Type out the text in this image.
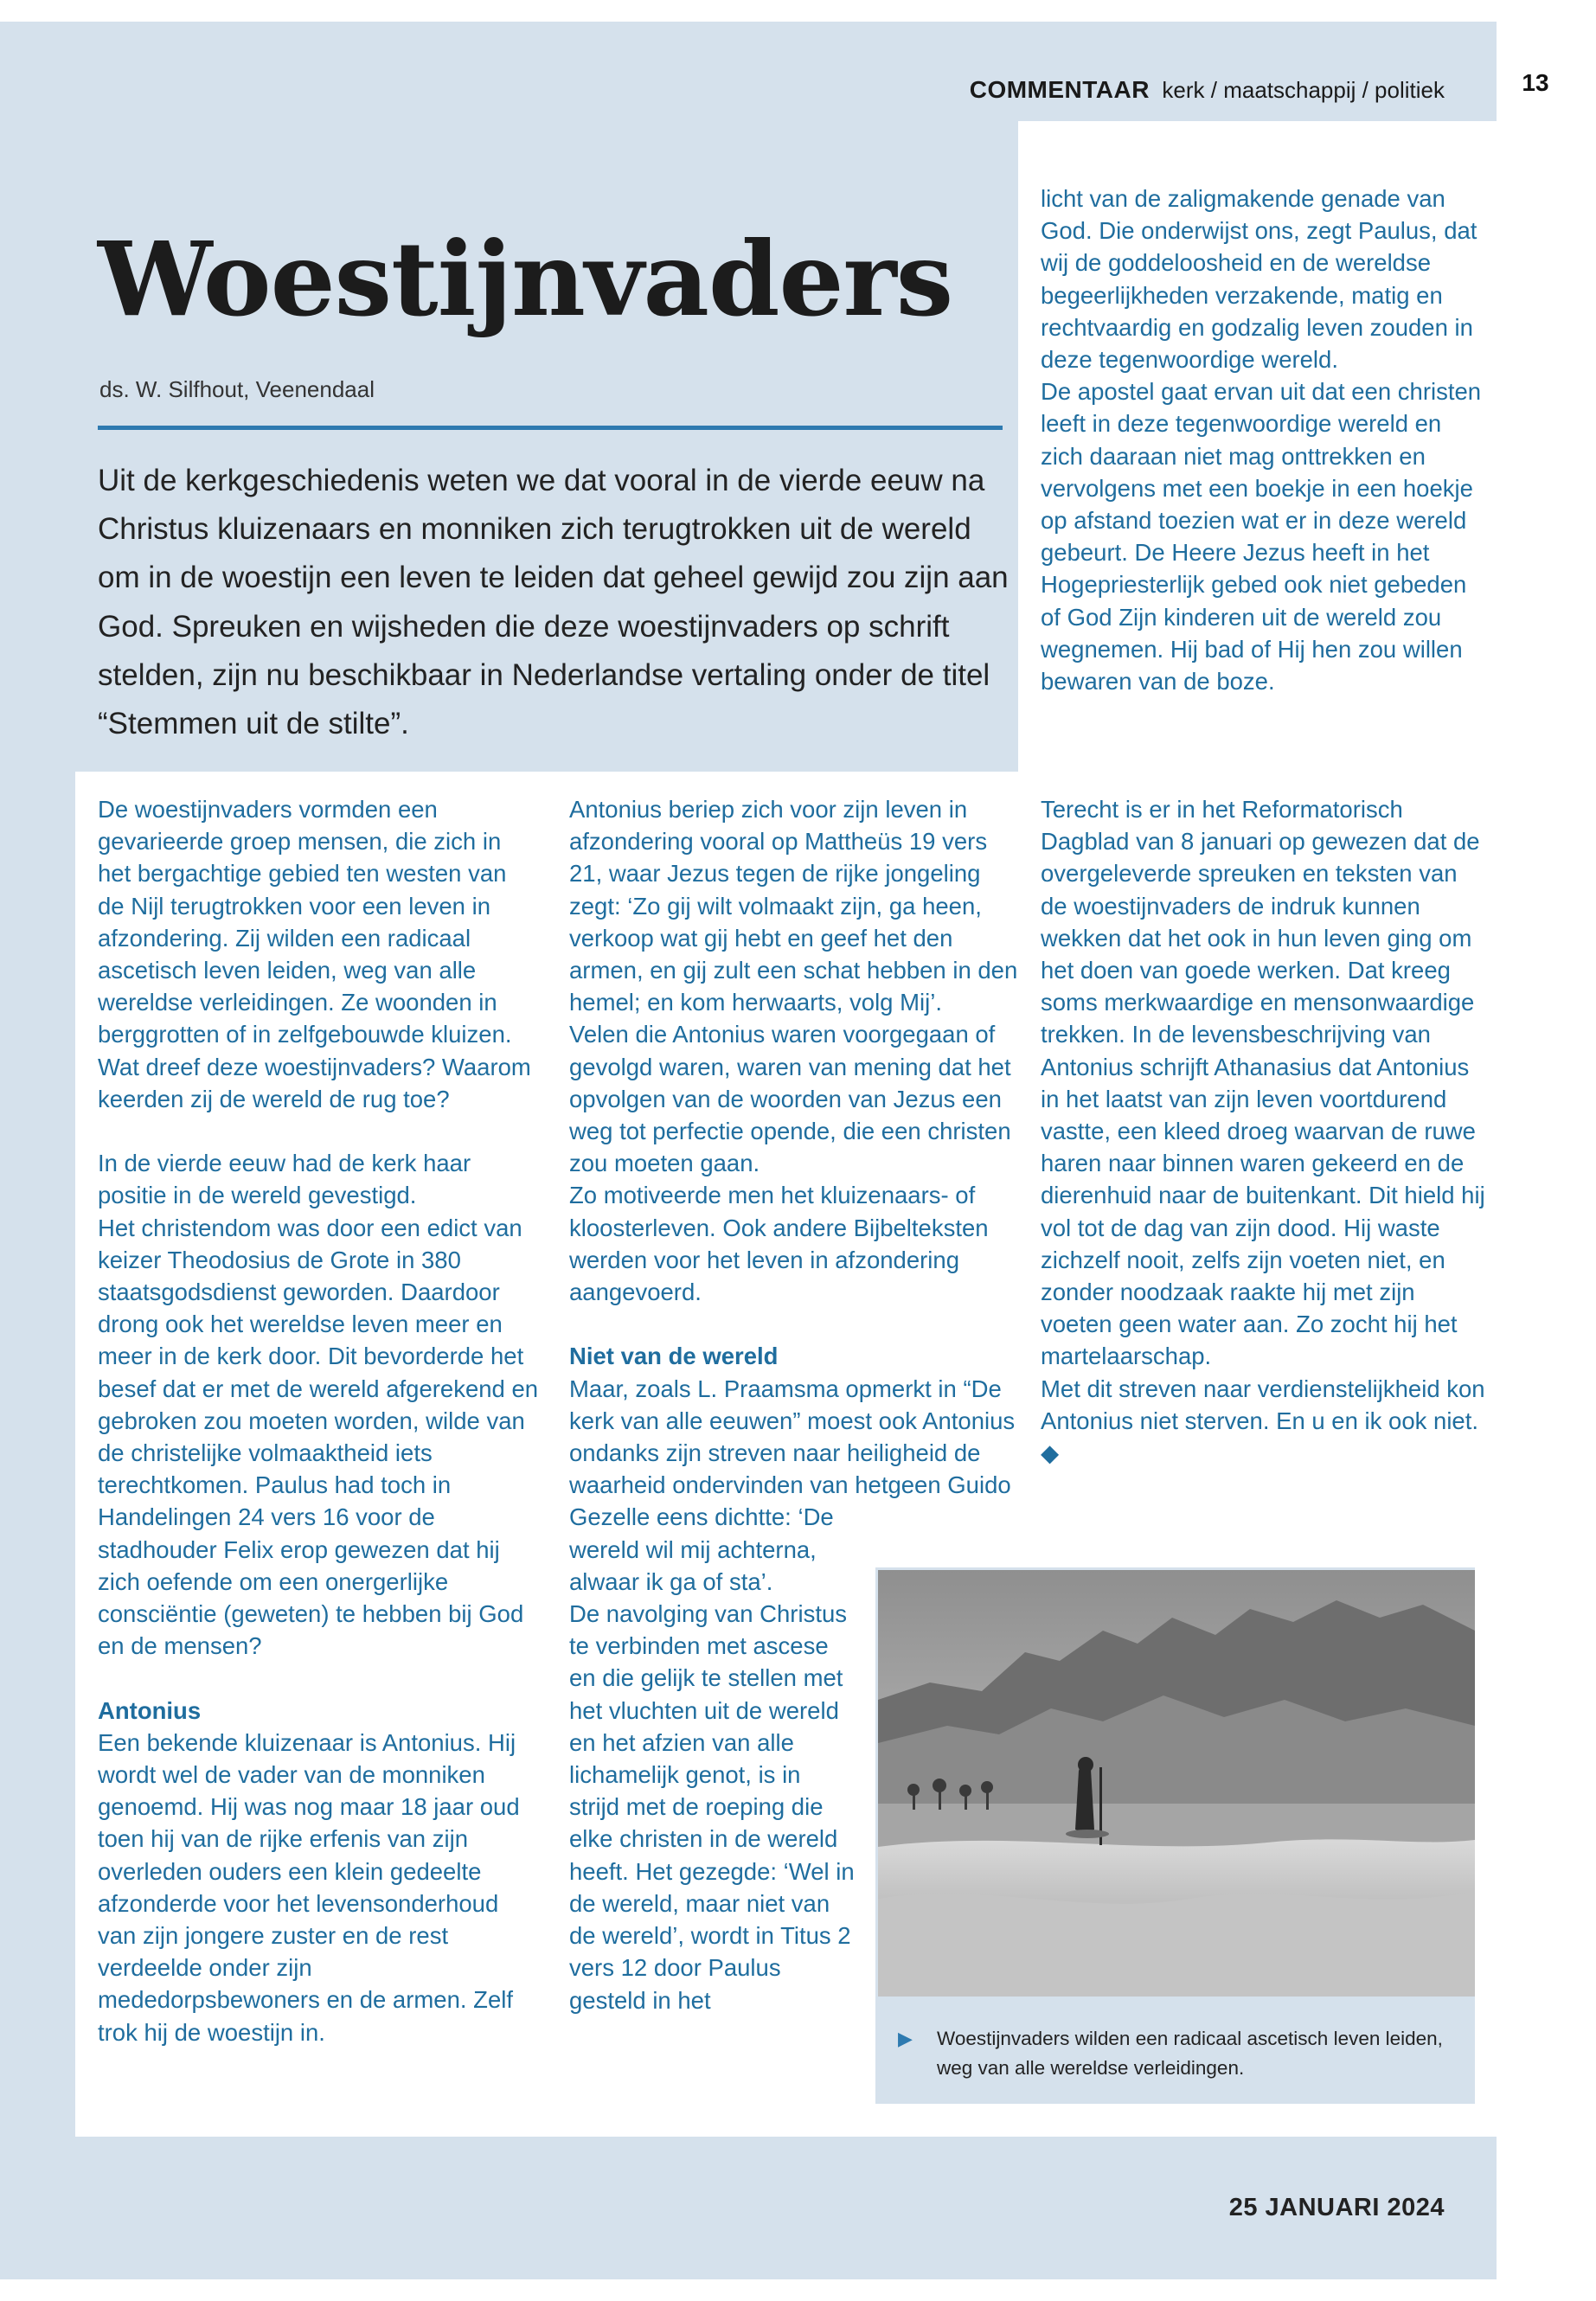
13
COMMENTAAR kerk / maatschappij / politiek
Woestijnvaders
ds. W. Silfhout, Veenendaal

Uit de kerkgeschiedenis weten we dat vooral in de vierde eeuw na Christus kluizenaars en monniken zich terugtrokken uit de wereld om in de woestijn een leven te leiden dat geheel gewijd zou zijn aan God. Spreuken en wijsheden die deze woestijnvaders op schrift stelden, zijn nu beschikbaar in Nederlandse vertaling onder de titel “Stemmen uit de stilte”.

licht van de zaligmakende genade van God. Die onderwijst ons, zegt Paulus, dat wij de goddeloosheid en de wereldse begeerlijkheden verzakende, matig en rechtvaardig en godzalig leven zouden in deze tegenwoordige wereld.

De apostel gaat ervan uit dat een christen leeft in deze tegenwoordige wereld en zich daaraan niet mag onttrekken en vervolgens met een boekje in een hoekje op afstand toezien wat er in deze wereld gebeurt. De Heere Jezus heeft in het Hogepriesterlijk gebed ook niet gebeden of God Zijn kinderen uit de wereld zou wegnemen. Hij bad of Hij hen zou willen bewaren van de boze.

De woestijnvaders vormden een gevarieerde groep mensen, die zich in het bergachtige gebied ten westen van de Nijl terugtrokken voor een leven in afzondering. Zij wilden een radicaal ascetisch leven leiden, weg van alle wereldse verleidingen. Ze woonden in berggrotten of in zelfgebouwde kluizen. Wat dreef deze woestijnvaders? Waarom keerden zij de wereld de rug toe?

In de vierde eeuw had de kerk haar positie in de wereld gevestigd.

Het christendom was door een edict van keizer Theodosius de Grote in 380 staatsgodsdienst geworden. Daardoor drong ook het wereldse leven meer en meer in de kerk door. Dit bevorderde het besef dat er met de wereld afgerekend en gebroken zou moeten worden, wilde van de christelijke volmaaktheid iets terechtkomen. Paulus had toch in Handelingen 24 vers 16 voor de stadhouder Felix erop gewezen dat hij zich oefende om een onergerlijke consciëntie (geweten) te hebben bij God en de mensen?

Antonius

Een bekende kluizenaar is Antonius. Hij wordt wel de vader van de monniken genoemd. Hij was nog maar 18 jaar oud toen hij van de rijke erfenis van zijn overleden ouders een klein gedeelte afzonderde voor het levensonderhoud van zijn jongere zuster en de rest verdeelde onder zijn mededorpsbewoners en de armen. Zelf trok hij de woestijn in.

Antonius beriep zich voor zijn leven in afzondering vooral op Mattheüs 19 vers 21, waar Jezus tegen de rijke jongeling zegt: ‘Zo gij wilt volmaakt zijn, ga heen, verkoop wat gij hebt en geef het den armen, en gij zult een schat hebben in den hemel; en kom herwaarts, volg Mij’.

Velen die Antonius waren voorgegaan of gevolgd waren, waren van mening dat het opvolgen van de woorden van Jezus een weg tot perfectie opende, die een christen zou moeten gaan.

Zo motiveerde men het kluizenaars- of kloosterleven. Ook andere Bijbelteksten werden voor het leven in afzondering aangevoerd.

Niet van de wereld

Maar, zoals L. Praamsma opmerkt in “De kerk van alle eeuwen” moest ook Antonius ondanks zijn streven naar heiligheid de waarheid ondervinden van hetgeen Guido

Gezelle eens dichtte: ‘De wereld wil mij achterna, alwaar ik ga of sta’.

De navolging van Christus te verbinden met ascese en die gelijk te stellen met het vluchten uit de wereld en het afzien van alle lichamelijk genot, is in strijd met de roeping die elke christen in de wereld heeft. Het gezegde: ‘Wel in de wereld, maar niet van de wereld’, wordt in Titus 2 vers 12 door Paulus gesteld in het

Terecht is er in het Reformatorisch Dagblad van 8 januari op gewezen dat de overgeleverde spreuken en teksten van de woestijnvaders de indruk kunnen wekken dat het ook in hun leven ging om het doen van goede werken. Dat kreeg soms merkwaardige en mensonwaardige trekken. In de levensbeschrijving van Antonius schrijft Athanasius dat Antonius in het laatst van zijn leven voortdurend vastte, een kleed droeg waarvan de ruwe haren naar binnen waren gekeerd en de dierenhuid naar de buitenkant. Dit hield hij vol tot de dag van zijn dood. Hij waste zichzelf nooit, zelfs zijn voeten niet, en zonder noodzaak raakte hij met zijn voeten geen water aan. Zo zocht hij het martelaarschap.

Met dit streven naar verdienstelijkheid kon Antonius niet sterven. En u en ik ook niet. ◆

▶ Woestijnvaders wilden een radicaal ascetisch leven leiden, weg van alle wereldse verleidingen.

25 JANUARI 2024
